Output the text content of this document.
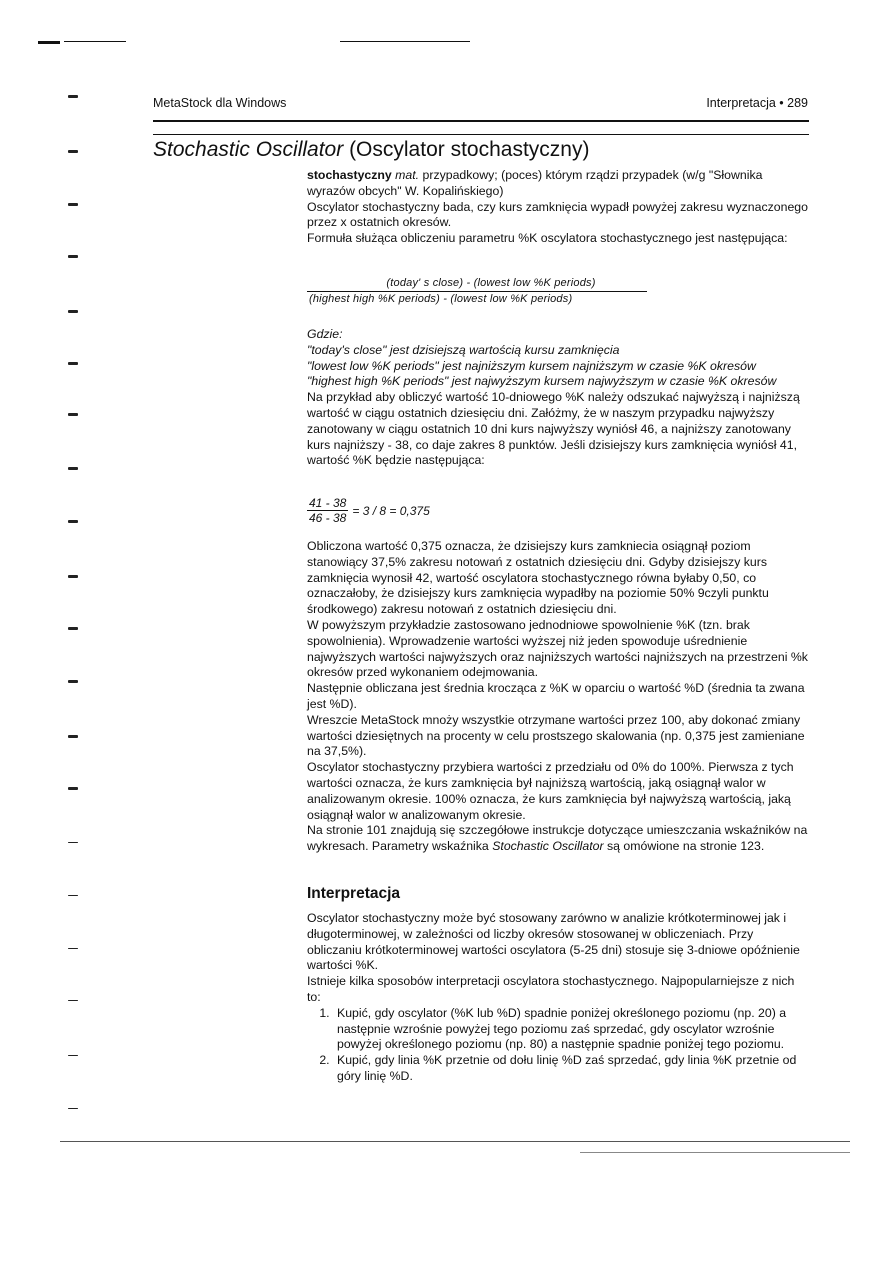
MetaStock dla Windows	Interpretacja • 289
Stochastic Oscillator (Oscylator stochastyczny)

stochastyczny mat. przypadkowy; (poces) którym rządzi przypadek (w/g "Słownika wyrazów obcych" W. Kopalińskiego)

Oscylator stochastyczny bada, czy kurs zamknięcia wypadł powyżej zakresu wyznaczonego przez x ostatnich okresów.

Formuła służąca obliczeniu parametru %K oscylatora stochastycznego jest następująca:

(today' s close) - (lowest low %K periods)
(highest high %K periods) - (lowest low %K periods)

Gdzie:

"today's close" jest dzisiejszą wartością kursu zamknięcia

"lowest low %K periods" jest najniższym kursem najniższym w czasie %K okresów

"highest high %K periods" jest najwyższym kursem najwyższym w czasie %K okresów

Na przykład aby obliczyć wartość 10-dniowego %K należy odszukać najwyższą i najniższą wartość w ciągu ostatnich dziesięciu dni. Załóżmy, że w naszym przypadku najwyższy zanotowany w ciągu ostatnich 10 dni kurs najwyższy wyniósł 46, a najniższy zanotowany kurs najniższy - 38, co daje zakres 8 punktów. Jeśli dzisiejszy kurs zamknięcia wyniósł 41, wartość %K będzie następująca:

$\frac{41 - 38}{46 - 38} = 3 / 8 = 0,375$

Obliczona wartość 0,375 oznacza, że dzisiejszy kurs zamkniecia osiągnął poziom stanowiący 37,5% zakresu notowań z ostatnich dziesięciu dni. Gdyby dzisiejszy kurs zamknięcia wynosił 42, wartość oscylatora stochastycznego równa byłaby 0,50, co oznaczałoby, że dzisiejszy kurs zamknięcia wypadłby na poziomie 50% 9czyli punktu środkowego) zakresu notowań z ostatnich dziesięciu dni.

W powyższym przykładzie zastosowano jednodniowe spowolnienie %K (tzn. brak spowolnienia). Wprowadzenie wartości wyższej niż jeden spowoduje uśrednienie najwyższych wartości najwyższych oraz najniższych wartości najniższych na przestrzeni %k okresów przed wykonaniem odejmowania.

Następnie obliczana jest średnia krocząca z %K w oparciu o wartość %D (średnia ta zwana jest %D).

Wreszcie MetaStock mnoży wszystkie otrzymane wartości przez 100, aby dokonać zmiany wartości dziesiętnych na procenty w celu prostszego skalowania (np. 0,375 jest zamieniane na 37,5%).

Oscylator stochastyczny przybiera wartości z przedziału od 0% do 100%. Pierwsza z tych wartości oznacza, że kurs zamknięcia był najniższą wartością, jaką osiągnął walor w analizowanym okresie. 100% oznacza, że kurs zamknięcia był najwyższą wartością, jaką osiągnął walor w analizowanym okresie.

Na stronie 101 znajdują się szczegółowe instrukcje dotyczące umieszczania wskaźników na wykresach. Parametry wskaźnika Stochastic Oscillator są omówione na stronie 123.

Interpretacja

Oscylator stochastyczny może być stosowany zarówno w analizie krótkoterminowej jak i długoterminowej, w zależności od liczby okresów stosowanej w obliczeniach. Przy obliczaniu krótkoterminowej wartości oscylatora (5-25 dni) stosuje się 3-dniowe opóźnienie wartości %K.

Istnieje kilka sposobów interpretacji oscylatora stochastycznego. Najpopularniejsze z nich to:

1. Kupić, gdy oscylator (%K lub %D) spadnie poniżej określonego poziomu (np. 20) a następnie wzrośnie powyżej tego poziomu zaś sprzedać, gdy oscylator wzrośnie powyżej określonego poziomu (np. 80) a następnie spadnie poniżej tego poziomu.
2. Kupić, gdy linia %K przetnie od dołu linię %D zaś sprzedać, gdy linia %K przetnie od góry linię %D.
